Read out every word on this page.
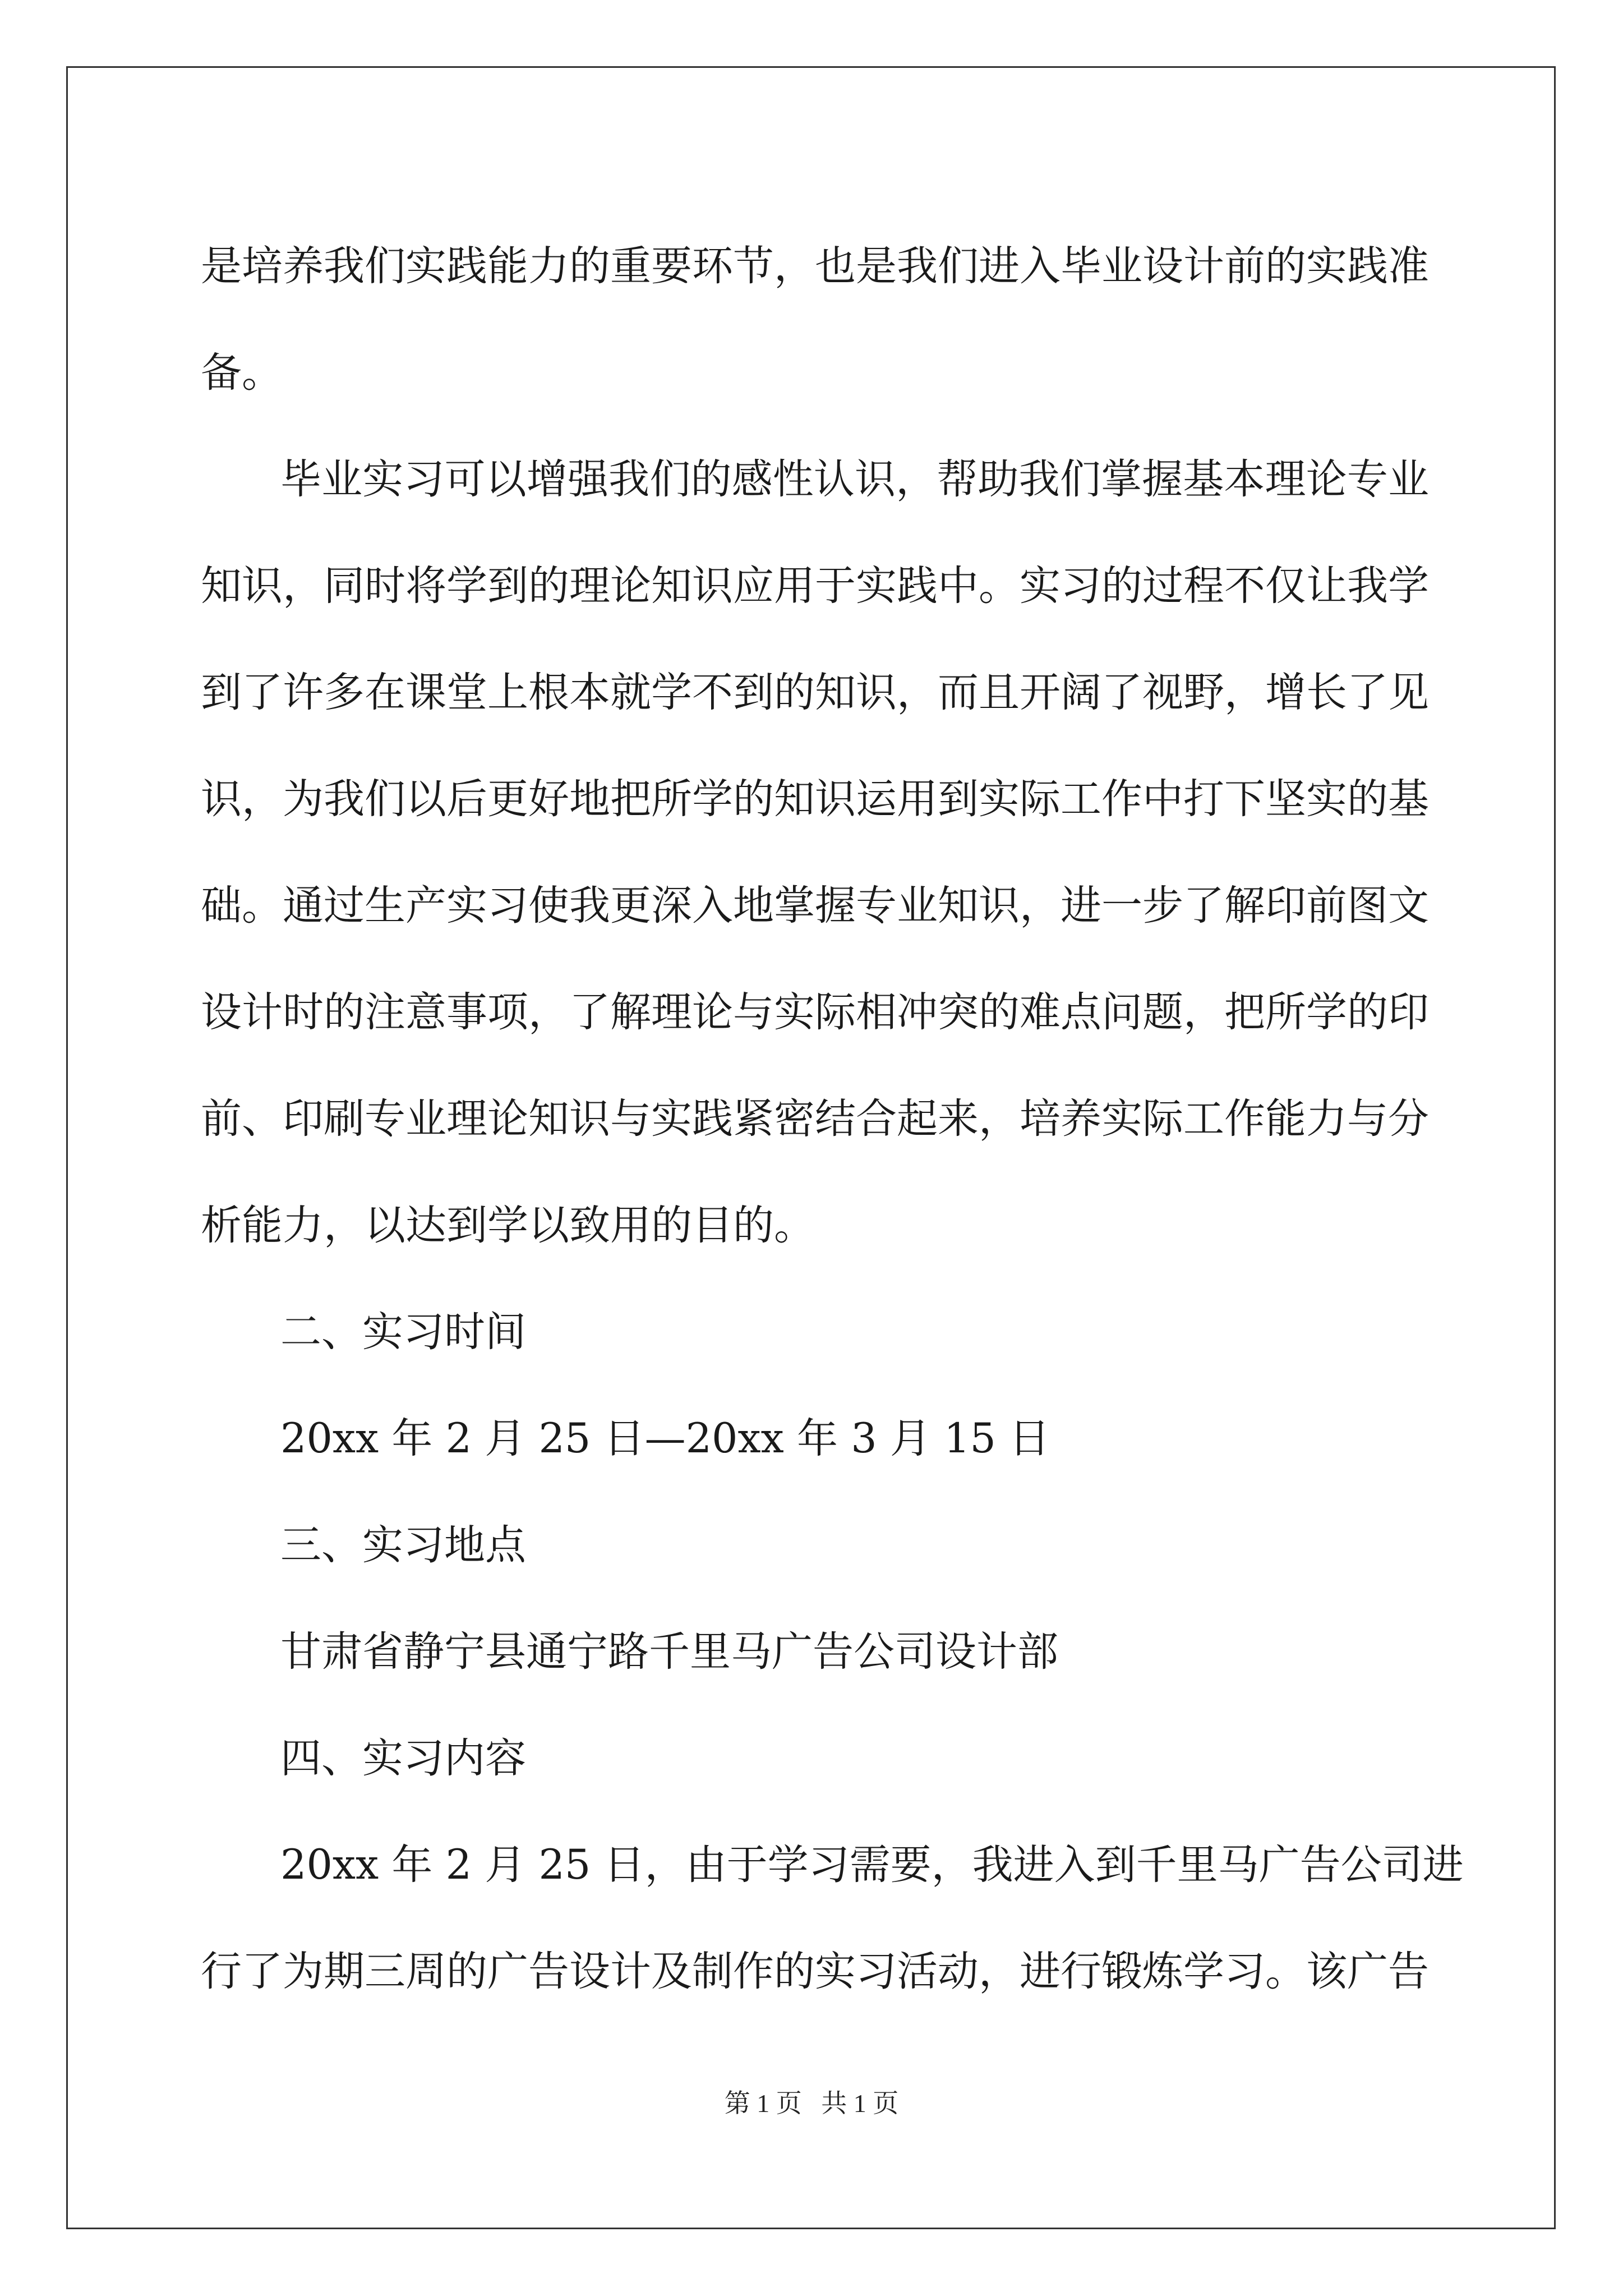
是培养我们实践能力的重要环节，也是我们进入毕业设计前的实践准
备。
毕业实习可以增强我们的感性认识，帮助我们掌握基本理论专业
知识，同时将学到的理论知识应用于实践中。实习的过程不仅让我学
到了许多在课堂上根本就学不到的知识，而且开阔了视野，增长了见
识，为我们以后更好地把所学的知识运用到实际工作中打下坚实的基
础。通过生产实习使我更深入地掌握专业知识，进一步了解印前图文
设计时的注意事项，了解理论与实际相冲突的难点问题，把所学的印
前、印刷专业理论知识与实践紧密结合起来，培养实际工作能力与分
析能力，以达到学以致用的目的。
二、实习时间
20xx 年 2 月 25 日—20xx 年 3 月 15 日
三、实习地点
甘肃省静宁县通宁路千里马广告公司设计部
四、实习内容
20xx 年 2 月 25 日，由于学习需要，我进入到千里马广告公司进
行了为期三周的广告设计及制作的实习活动，进行锻炼学习。该广告
第 1 页 共 1 页
